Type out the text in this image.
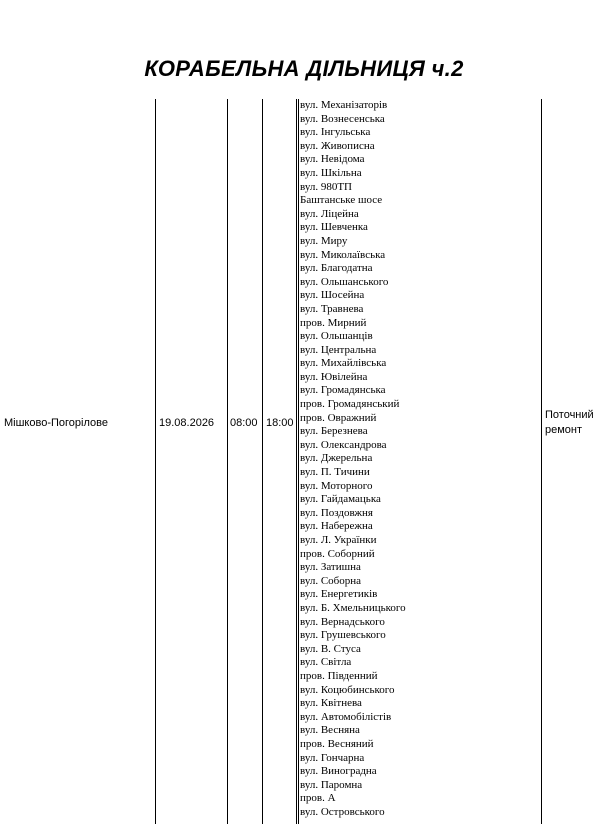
КОРАБЕЛЬНА ДІЛЬНИЦЯ ч.2
Мішково-Погорілове	19.08.2026 08:00 18:00
Поточний
ремонт
вул. Механізаторів
вул. Вознесенська
вул. Інгульська
вул. Живописна
вул. Невідома
вул. Шкільна
вул. 980ТП
Баштанське шосе
вул. Ліцейна
вул. Шевченка
вул. Миру
вул. Миколаївська
вул. Благодатна
вул. Ольшанського
вул. Шосейна
вул. Травнева
пров. Мирний
вул. Ольшанців
вул. Центральна
вул. Михайлівська
вул. Ювілейна
вул. Громадянська
пров. Громадянський
пров. Овражний
вул. Березнева
вул. Олександрова
вул. Джерельна
вул. П. Тичини
вул. Моторного
вул. Гайдамацька
вул. Поздовжня
вул. Набережна
вул. Л. Українки
пров. Соборний
вул. Затишна
вул. Соборна
вул. Енергетиків
вул. Б. Хмельницького
вул. Вернадського
вул. Грушевського
вул. В. Стуса
вул. Світла
пров. Південний
вул. Коцюбинського
вул. Квітнева
вул. Автомобілістів
вул. Весняна
пров. Весняний
вул. Гончарна
вул. Виноградна
вул. Паромна
пров. А
вул. Островського
